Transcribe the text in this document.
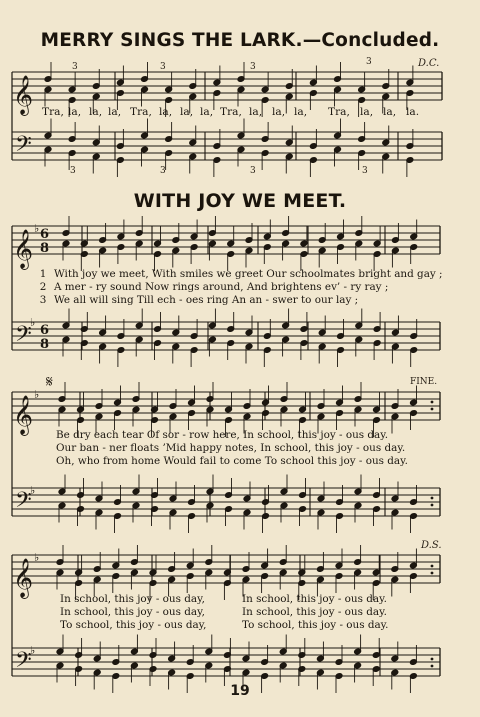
MERRY SINGS THE LARK.—Concluded.
WITH JOY WE MEET.
𝄞
𝄢
𝄞
𝄢
𝄞
𝄢
𝄞
𝄢
6
8
6
8
♭
♭
♭
♭
♭
♭
3	3	3	3
3	3	3	3
D.C.
FINE.
D.S.
𝄋
Tra, la, la, la, Tra, la, la, la, Tra, la, la, la, Tra, la, la, la.
1 With joy we meet, With smiles we greet Our schoolmates bright and gay ;
2 A mer - ry sound Now rings around, And brightens ev’ - ry ray ;
3 We all will sing Till ech - oes ring An an - swer to our lay ;
Be dry each tear Of sor - row here, In school, this joy - ous day.
Our ban - ner floats ’Mid happy notes, In school, this joy - ous day.
Oh, who from home Would fail to come To school this joy - ous day.
In school, this joy - ous day,	In school, this joy - ous day.
In school, this joy - ous day,	In school, this joy - ous day.
To school, this joy - ous day,	To school, this joy - ous day.
19
